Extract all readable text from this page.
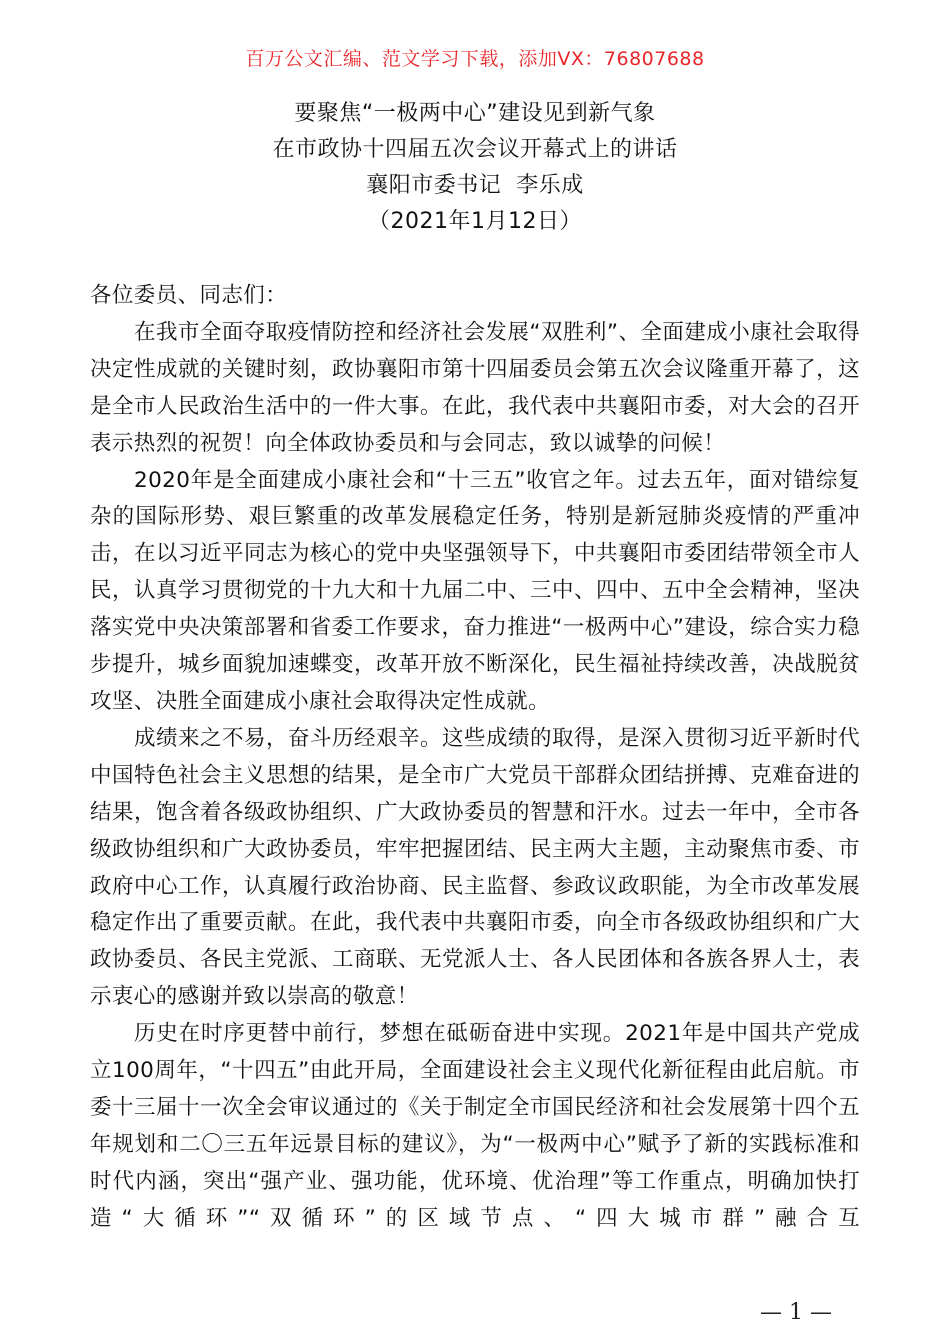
百万公文汇编、范文学习下载，添加VX：76807688
要聚焦“一极两中心”建设见到新气象
在市政协十四届五次会议开幕式上的讲话
襄阳市委书记  李乐成
（2021年1月12日）

各位委员、同志们：

在我市全面夺取疫情防控和经济社会发展“双胜利”、全面建成小康社会取得决定性成就的关键时刻，政协襄阳市第十四届委员会第五次会议隆重开幕了，这是全市人民政治生活中的一件大事。在此，我代表中共襄阳市委，对大会的召开表示热烈的祝贺！向全体政协委员和与会同志，致以诚挚的问候！

2020年是全面建成小康社会和“十三五”收官之年。过去五年，面对错综复杂的国际形势、艰巨繁重的改革发展稳定任务，特别是新冠肺炎疫情的严重冲击，在以习近平同志为核心的党中央坚强领导下，中共襄阳市委团结带领全市人民，认真学习贯彻党的十九大和十九届二中、三中、四中、五中全会精神，坚决落实党中央决策部署和省委工作要求，奋力推进“一极两中心”建设，综合实力稳步提升，城乡面貌加速蝶变，改革开放不断深化，民生福祉持续改善，决战脱贫攻坚、决胜全面建成小康社会取得决定性成就。

成绩来之不易，奋斗历经艰辛。这些成绩的取得，是深入贯彻习近平新时代中国特色社会主义思想的结果，是全市广大党员干部群众团结拼搏、克难奋进的结果，饱含着各级政协组织、广大政协委员的智慧和汗水。过去一年中，全市各级政协组织和广大政协委员，牢牢把握团结、民主两大主题，主动聚焦市委、市政府中心工作，认真履行政治协商、民主监督、参政议政职能，为全市改革发展稳定作出了重要贡献。在此，我代表中共襄阳市委，向全市各级政协组织和广大政协委员、各民主党派、工商联、无党派人士、各人民团体和各族各界人士，表示衷心的感谢并致以崇高的敬意！

历史在时序更替中前行，梦想在砥砺奋进中实现。2021年是中国共产党成立100周年，“十四五”由此开局，全面建设社会主义现代化新征程由此启航。市委十三届十一次全会审议通过的《关于制定全市国民经济和社会发展第十四个五年规划和二〇三五年远景目标的建议》，为“一极两中心”赋予了新的实践标准和时代内涵，突出“强产业、强功能，优环境、优治理”等工作重点，明确加快打造“大循环”“双循环”的区域节点、“四大城市群”融合互

— 1 —
